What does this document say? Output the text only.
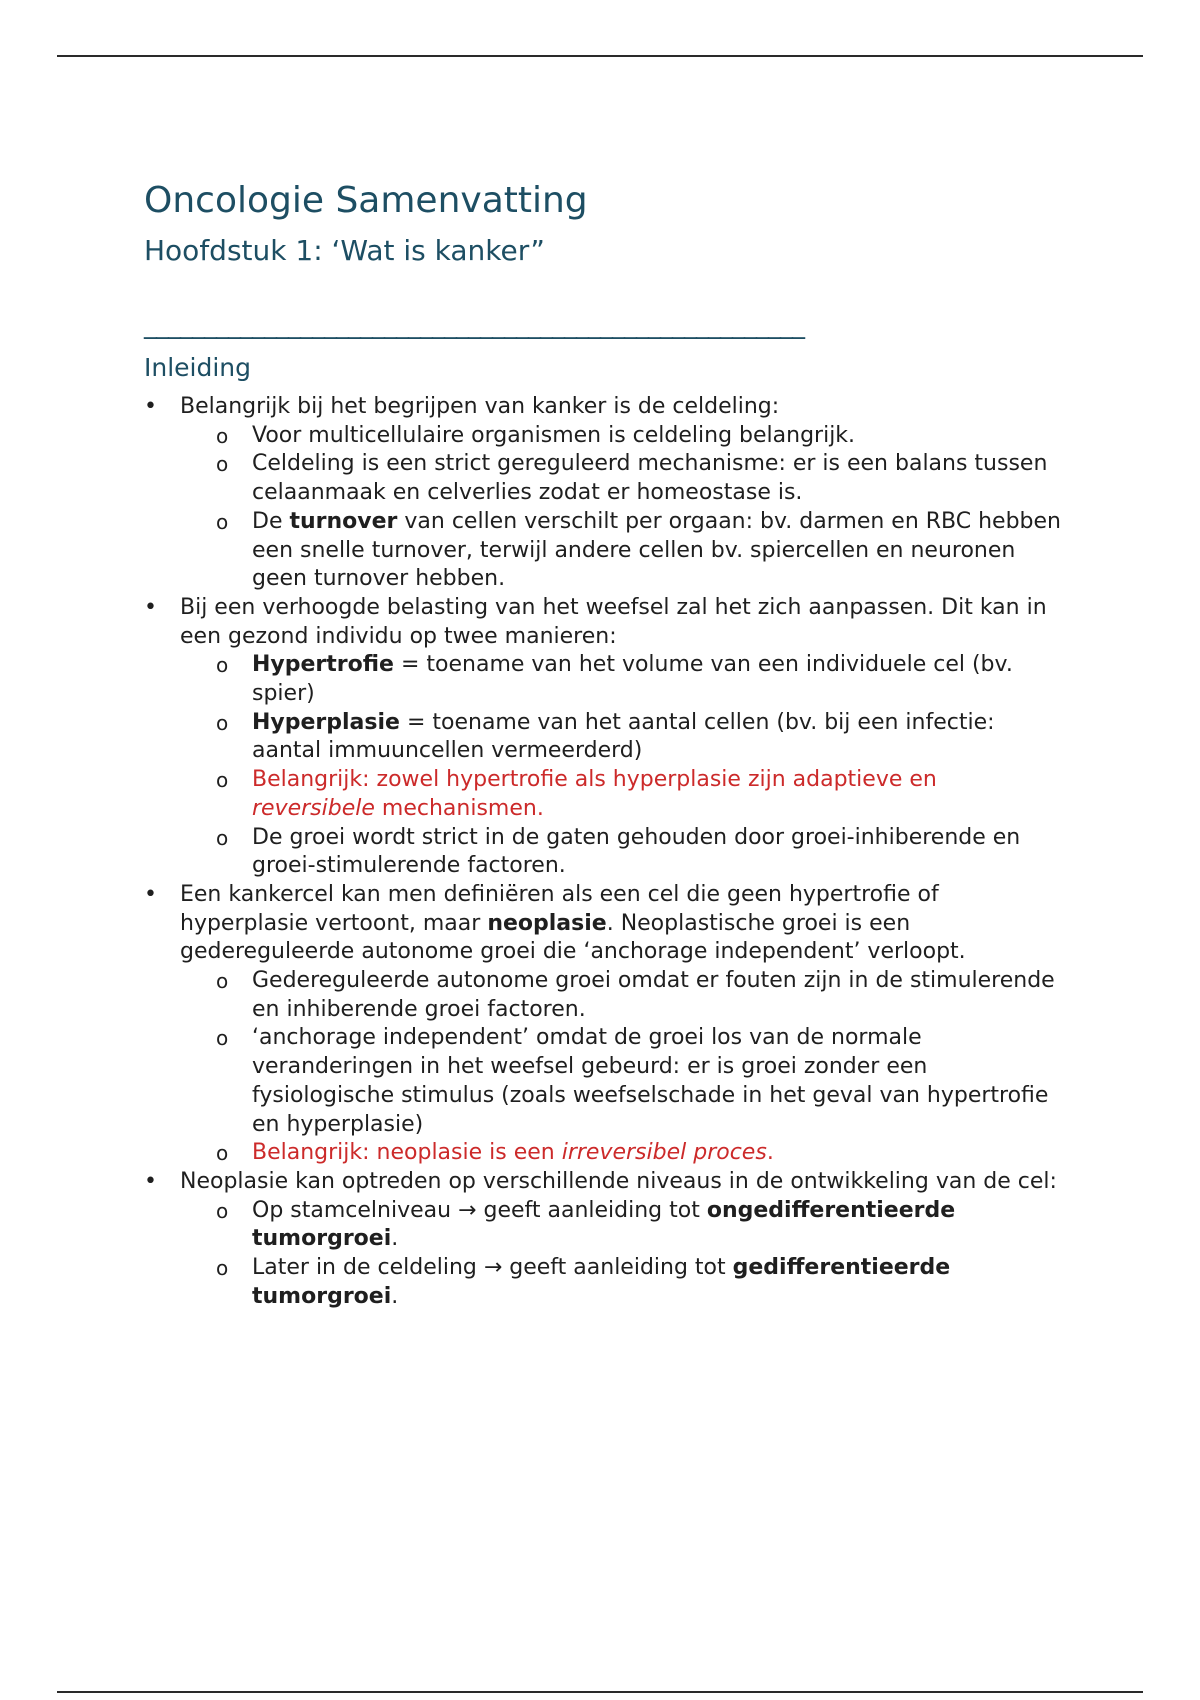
Oncologie Samenvatting
Hoofdstuk 1: ‘Wat is kanker”
_______________________________________________________
Inleiding
• Belangrijk bij het begrijpen van kanker is de celdeling:
o Voor multicellulaire organismen is celdeling belangrijk.
o Celdeling is een strict gereguleerd mechanisme: er is een balans tussen celaanmaak en celverlies zodat er homeostase is.
o De turnover van cellen verschilt per orgaan: bv. darmen en RBC hebben een snelle turnover, terwijl andere cellen bv. spiercellen en neuronen geen turnover hebben.
• Bij een verhoogde belasting van het weefsel zal het zich aanpassen. Dit kan in een gezond individu op twee manieren:
o Hypertrofie = toename van het volume van een individuele cel (bv. spier)
o Hyperplasie = toename van het aantal cellen (bv. bij een infectie: aantal immuuncellen vermeerderd)
o Belangrijk: zowel hypertrofie als hyperplasie zijn adaptieve en reversibele mechanismen.
o De groei wordt strict in de gaten gehouden door groei-inhiberende en groei-stimulerende factoren.
• Een kankercel kan men definiëren als een cel die geen hypertrofie of hyperplasie vertoont, maar neoplasie. Neoplastische groei is een gedereguleerde autonome groei die ‘anchorage independent’ verloopt.
o Gedereguleerde autonome groei omdat er fouten zijn in de stimulerende en inhiberende groei factoren.
o ‘anchorage independent’ omdat de groei los van de normale veranderingen in het weefsel gebeurd: er is groei zonder een fysiologische stimulus (zoals weefselschade in het geval van hypertrofie en hyperplasie)
o Belangrijk: neoplasie is een irreversibel proces.
• Neoplasie kan optreden op verschillende niveaus in de ontwikkeling van de cel:
o Op stamcelniveau → geeft aanleiding tot ongedifferentieerde tumorgroei.
o Later in de celdeling → geeft aanleiding tot gedifferentieerde tumorgroei.
